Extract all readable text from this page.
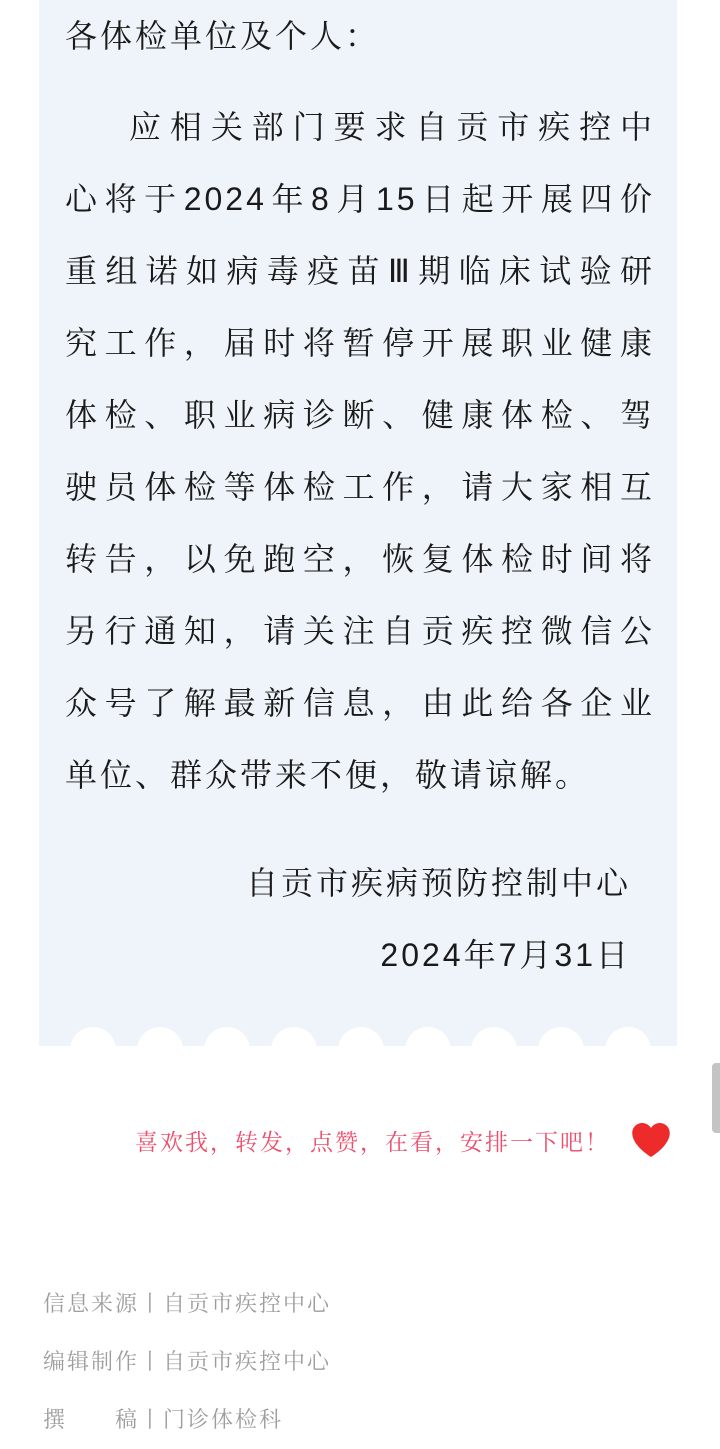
各体检单位及个人：
应相关部门要求自贡市疾控中
心将于2024年8月15日起开展四价
重组诺如病毒疫苗Ⅲ期临床试验研
究工作，届时将暂停开展职业健康
体检、职业病诊断、健康体检、驾
驶员体检等体检工作，请大家相互
转告，以免跑空，恢复体检时间将
另行通知，请关注自贡疾控微信公
众号了解最新信息，由此给各企业
单位、群众带来不便，敬请谅解。
自贡市疾病预防控制中心
2024年7月31日
喜欢我，转发，点赞，在看，安排一下吧！
信息来源丨自贡市疾控中心
编辑制作丨自贡市疾控中心
撰　　稿丨门诊体检科
